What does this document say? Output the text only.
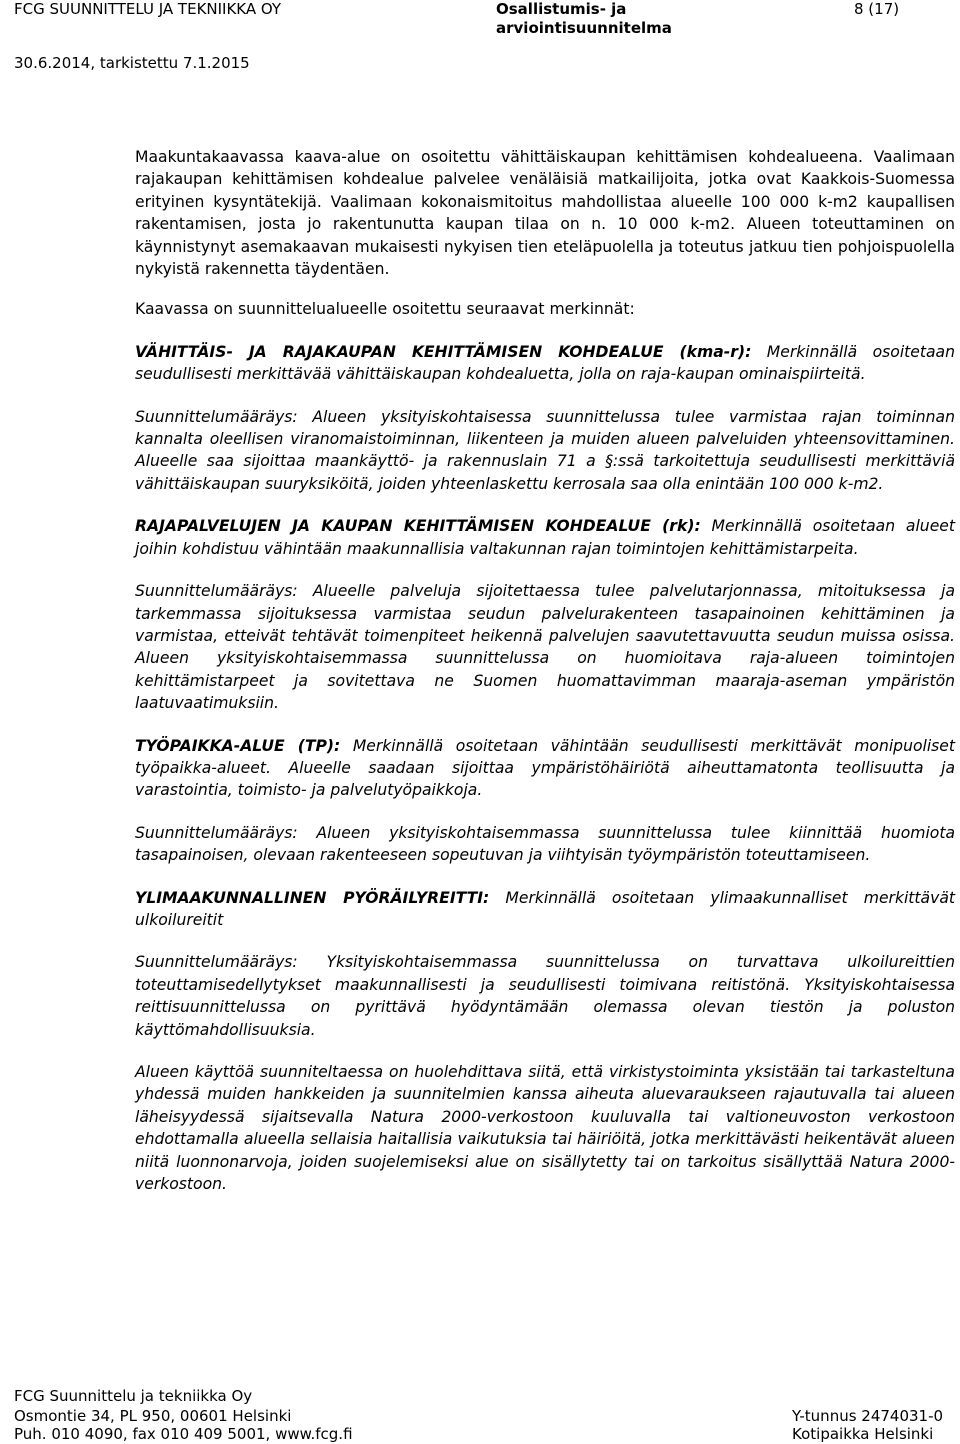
FCG SUUNNITTELU JA TEKNIIKKA OY	Osallistumis- ja arviointisuunnitelma
8 (17)
30.6.2014, tarkistettu 7.1.2015

Maakuntakaavassa kaava-alue on osoitettu vähittäiskaupan kehittämisen kohdealueena. Vaalimaan rajakaupan kehittämisen kohdealue palvelee venäläisiä matkailijoita, jotka ovat Kaakkois-Suomessa erityinen kysyntätekijä. Vaalimaan kokonaismitoitus mahdollistaa alueelle 100 000 k-m2 kaupallisen rakentamisen, josta jo rakentunutta kaupan tilaa on n. 10 000 k-m2. Alueen toteuttaminen on käynnistynyt asemakaavan mukaisesti nykyisen tien eteläpuolella ja toteutus jatkuu tien pohjoispuolella nykyistä rakennetta täydentäen.

Kaavassa on suunnittelualueelle osoitettu seuraavat merkinnät:

VÄHITTÄIS- JA RAJAKAUPAN KEHITTÄMISEN KOHDEALUE (kma-r): Merkinnällä osoitetaan seudullisesti merkittävää vähittäiskaupan kohdealuetta, jolla on raja-kaupan ominaispiirteitä.

Suunnittelumääräys: Alueen yksityiskohtaisessa suunnittelussa tulee varmistaa rajan toiminnan kannalta oleellisen viranomaistoiminnan, liikenteen ja muiden alueen palveluiden yhteensovittaminen. Alueelle saa sijoittaa maankäyttö- ja rakennuslain 71 a §:ssä tarkoitettuja seudullisesti merkittäviä vähittäiskaupan suuryksiköitä, joiden yhteenlaskettu kerrosala saa olla enintään 100 000 k-m2.

RAJAPALVELUJEN JA KAUPAN KEHITTÄMISEN KOHDEALUE (rk): Merkinnällä osoitetaan alueet joihin kohdistuu vähintään maakunnallisia valtakunnan rajan toimintojen kehittämistarpeita.

Suunnittelumääräys: Alueelle palveluja sijoitettaessa tulee palvelutarjonnassa, mitoituksessa ja tarkemmassa sijoituksessa varmistaa seudun palvelurakenteen tasapainoinen kehittäminen ja varmistaa, etteivät tehtävät toimenpiteet heikennä palvelujen saavutettavuutta seudun muissa osissa. Alueen yksityiskohtaisemmassa suunnittelussa on huomioitava raja-alueen toimintojen kehittämistarpeet ja sovitettava ne Suomen huomattavimman maaraja-aseman ympäristön laatuvaatimuksiin.

TYÖPAIKKA-ALUE (TP): Merkinnällä osoitetaan vähintään seudullisesti merkittävät monipuoliset työpaikka-alueet. Alueelle saadaan sijoittaa ympäristöhäiriötä aiheuttamatonta teollisuutta ja varastointia, toimisto- ja palvelutyöpaikkoja.

Suunnittelumääräys: Alueen yksityiskohtaisemmassa suunnittelussa tulee kiinnittää huomiota tasapainoisen, olevaan rakenteeseen sopeutuvan ja viihtyisän työympäristön toteuttamiseen.

YLIMAAKUNNALLINEN PYÖRÄILYREITTI: Merkinnällä osoitetaan ylimaakunnalliset merkittävät ulkoilureitit

Suunnittelumääräys: Yksityiskohtaisemmassa suunnittelussa on turvattava ulkoilureittien toteuttamisedellytykset maakunnallisesti ja seudullisesti toimivana reitistönä. Yksityiskohtaisessa reittisuunnittelussa on pyrittävä hyödyntämään olemassa olevan tiestön ja poluston käyttömahdollisuuksia.

Alueen käyttöä suunniteltaessa on huolehdittava siitä, että virkistystoiminta yksistään tai tarkasteltuna yhdessä muiden hankkeiden ja suunnitelmien kanssa aiheuta aluevaraukseen rajautuvalla tai alueen läheisyydessä sijaitsevalla Natura 2000-verkostoon kuuluvalla tai valtioneuvoston verkostoon ehdottamalla alueella sellaisia haitallisia vaikutuksia tai häiriöitä, jotka merkittävästi heikentävät alueen niitä luonnonarvoja, joiden suojelemiseksi alue on sisällytetty tai on tarkoitus sisällyttää Natura 2000-verkostoon.

FCG Suunnittelu ja tekniikka Oy
Osmontie 34, PL 950, 00601 Helsinki
Puh. 010 4090, fax 010 409 5001, www.fcg.fi
Y-tunnus 2474031-0
Kotipaikka Helsinki
